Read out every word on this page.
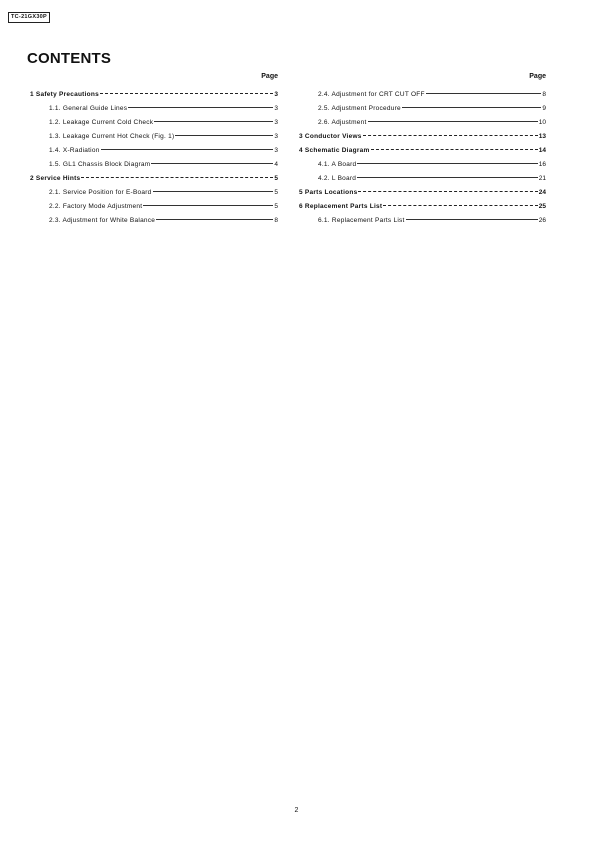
TC-21GX30P
CONTENTS
Page
1 Safety Precautions	3
1.1. General Guide Lines	3
1.2. Leakage Current Cold Check	3
1.3. Leakage Current Hot Check (Fig. 1)	3
1.4. X-Radiation	3
1.5. GL1 Chassis Block Diagram	4
2 Service Hints	5
2.1. Service Position for E-Board	5
2.2. Factory Mode Adjustment	5
2.3. Adjustment for White Balance	8
Page
2.4. Adjustment for CRT CUT OFF	8
2.5. Adjustment Procedure	9
2.6. Adjustment	10
3 Conductor Views	13
4 Schematic Diagram	14
4.1. A Board	16
4.2. L Board	21
5 Parts Locations	24
6 Replacement Parts List	25
6.1. Replacement Parts List	26
2
